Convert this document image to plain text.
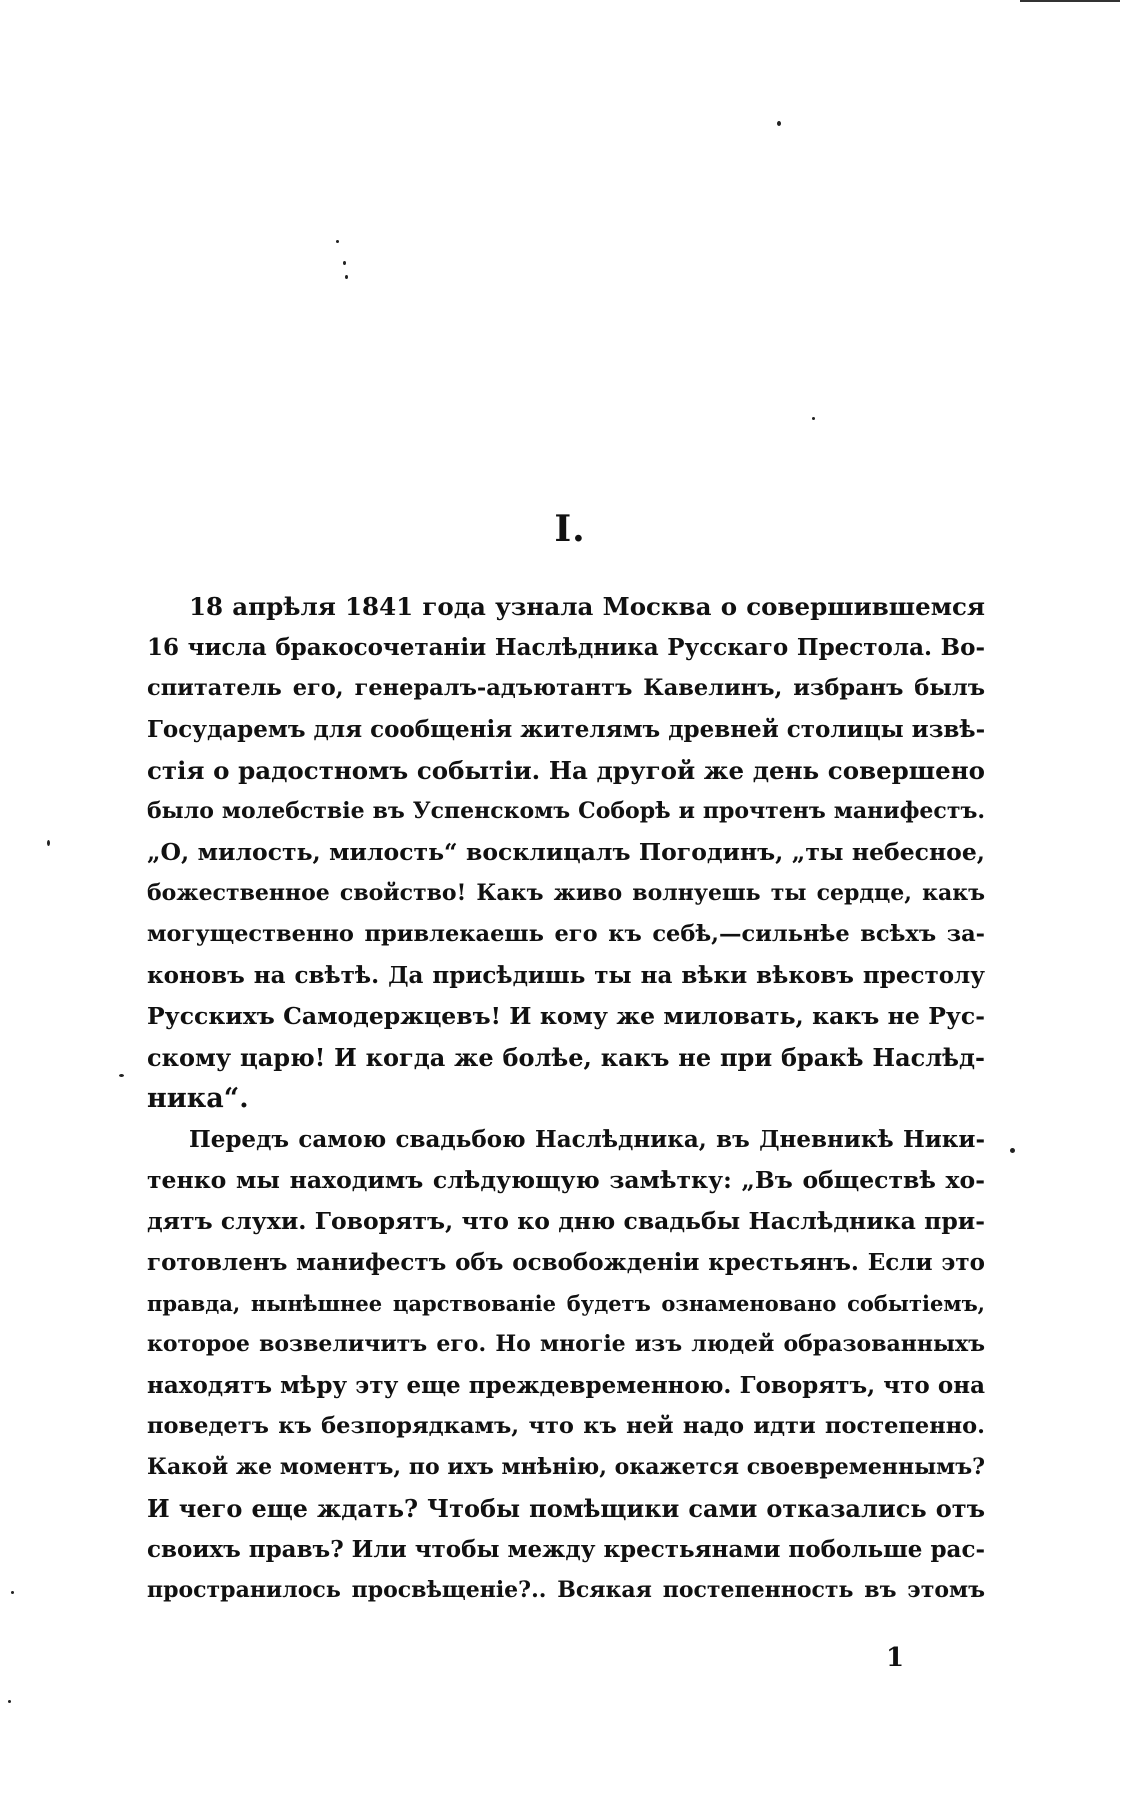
I.
18 апрѣля 1841 года узнала Москва о совершившемся
16 числа бракосочетанiи Наслѣдника Русскаго Престола. Во-
спитатель его, генералъ-адъютантъ Кавелинъ, избранъ былъ
Государемъ для сообщенiя жителямъ древней столицы извѣ-
стiя о радостномъ событiи. На другой же день совершено
было молебствiе въ Успенскомъ Соборѣ и прочтенъ манифестъ.
„О, милость, милость“ восклицалъ Погодинъ, „ты небесное,
божественное свойство! Какъ живо волнуешь ты сердце, какъ
могущественно привлекаешь его къ себѣ,—сильнѣе всѣхъ за-
коновъ на свѣтѣ. Да присѣдишь ты на вѣки вѣковъ престолу
Русскихъ Самодержцевъ! И кому же миловать, какъ не Рус-
скому царю! И когда же болѣе, какъ не при бракѣ Наслѣд-
ника“.
Передъ самою свадьбою Наслѣдника, въ Дневникѣ Ники-
тенко мы находимъ слѣдующую замѣтку: „Въ обществѣ хо-
дятъ слухи. Говорятъ, что ко дню свадьбы Наслѣдника при-
готовленъ манифестъ объ освобожденiи крестьянъ. Если это
правда, нынѣшнее царствованiе будетъ ознаменовано событiемъ,
которое возвеличитъ его. Но многiе изъ людей образованныхъ
находятъ мѣру эту еще преждевременною. Говорятъ, что она
поведетъ къ безпорядкамъ, что къ ней надо идти постепенно.
Какой же моментъ, по ихъ мнѣнiю, окажется своевременнымъ?
И чего еще ждать? Чтобы помѣщики сами отказались отъ
своихъ правъ? Или чтобы между крестьянами побольше рас-
пространилось просвѣщенiе?.. Всякая постепенность въ этомъ
1
